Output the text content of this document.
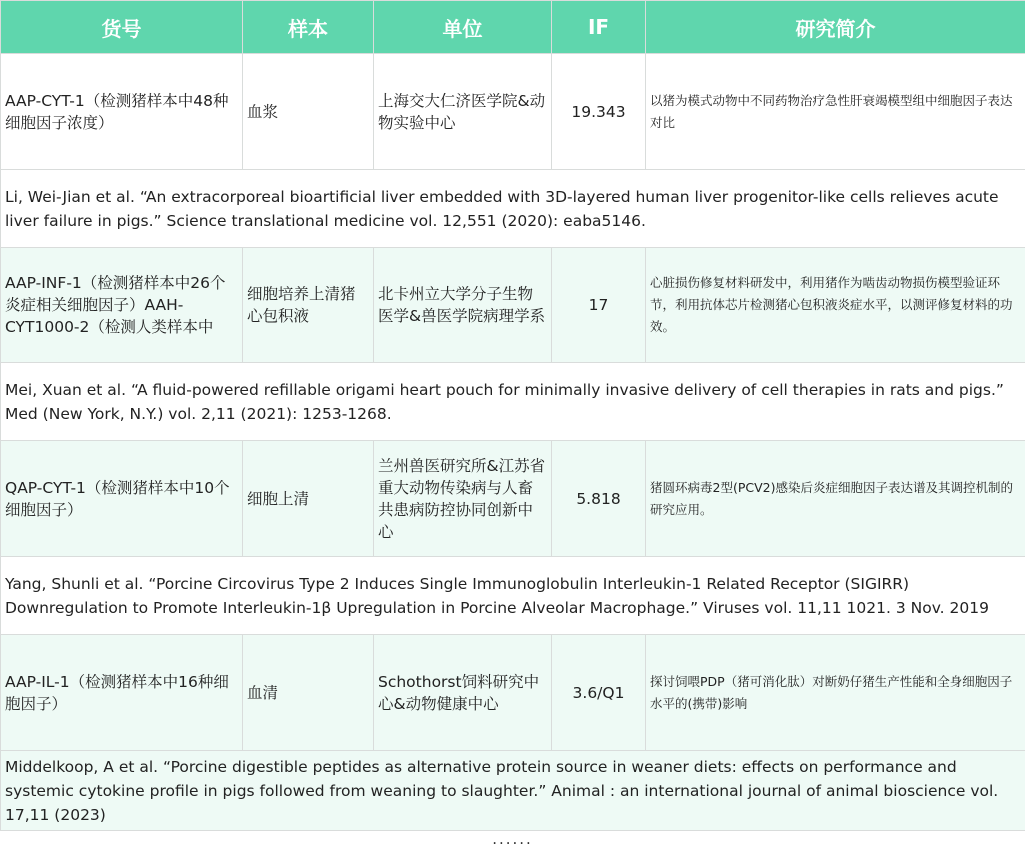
货号	样本	单位	IF	研究简介
AAP-CYT-1（检测猪样本中48种细胞因子浓度）	血浆	上海交大仁济医学院&动物实验中心	19.343	以猪为模式动物中不同药物治疗急性肝衰竭模型组中细胞因子表达对比
Li, Wei-Jian et al. “An extracorporeal bioartificial liver embedded with 3D-layered human liver progenitor-like cells relieves acute liver failure in pigs.” Science translational medicine vol. 12,551 (2020): eaba5146.				
AAP-INF-1（检测猪样本中26个炎症相关细胞因子）AAH-CYT1000-2（检测人类样本中	细胞培养上清猪心包积液	北卡州立大学分子生物医学&兽医学院病理学系	17	心脏损伤修复材料研发中，利用猪作为啮齿动物损伤模型验证环节，利用抗体芯片检测猪心包积液炎症水平，以测评修复材料的功效。
Mei, Xuan et al. “A fluid-powered refillable origami heart pouch for minimally invasive delivery of cell therapies in rats and pigs.” Med (New York, N.Y.) vol. 2,11 (2021): 1253-1268.				
QAP-CYT-1（检测猪样本中10个细胞因子）	细胞上清	兰州兽医研究所&江苏省重大动物传染病与人畜共患病防控协同创新中心	5.818	猪圆环病毒2型(PCV2)感染后炎症细胞因子表达谱及其调控机制的研究应用。
Yang, Shunli et al. “Porcine Circovirus Type 2 Induces Single Immunoglobulin Interleukin-1 Related Receptor (SIGIRR) Downregulation to Promote Interleukin-1β Upregulation in Porcine Alveolar Macrophage.” Viruses vol. 11,11 1021. 3 Nov. 2019				
AAP-IL-1（检测猪样本中16种细胞因子）	血清	Schothorst饲料研究中心&动物健康中心	3.6/Q1	探讨饲喂PDP（猪可消化肽）对断奶仔猪生产性能和全身细胞因子水平的(携带)影响
Middelkoop, A et al. “Porcine digestible peptides as alternative protein source in weaner diets: effects on performance and systemic cytokine profile in pigs followed from weaning to slaughter.” Animal : an international journal of animal bioscience vol. 17,11 (2023)				
......
